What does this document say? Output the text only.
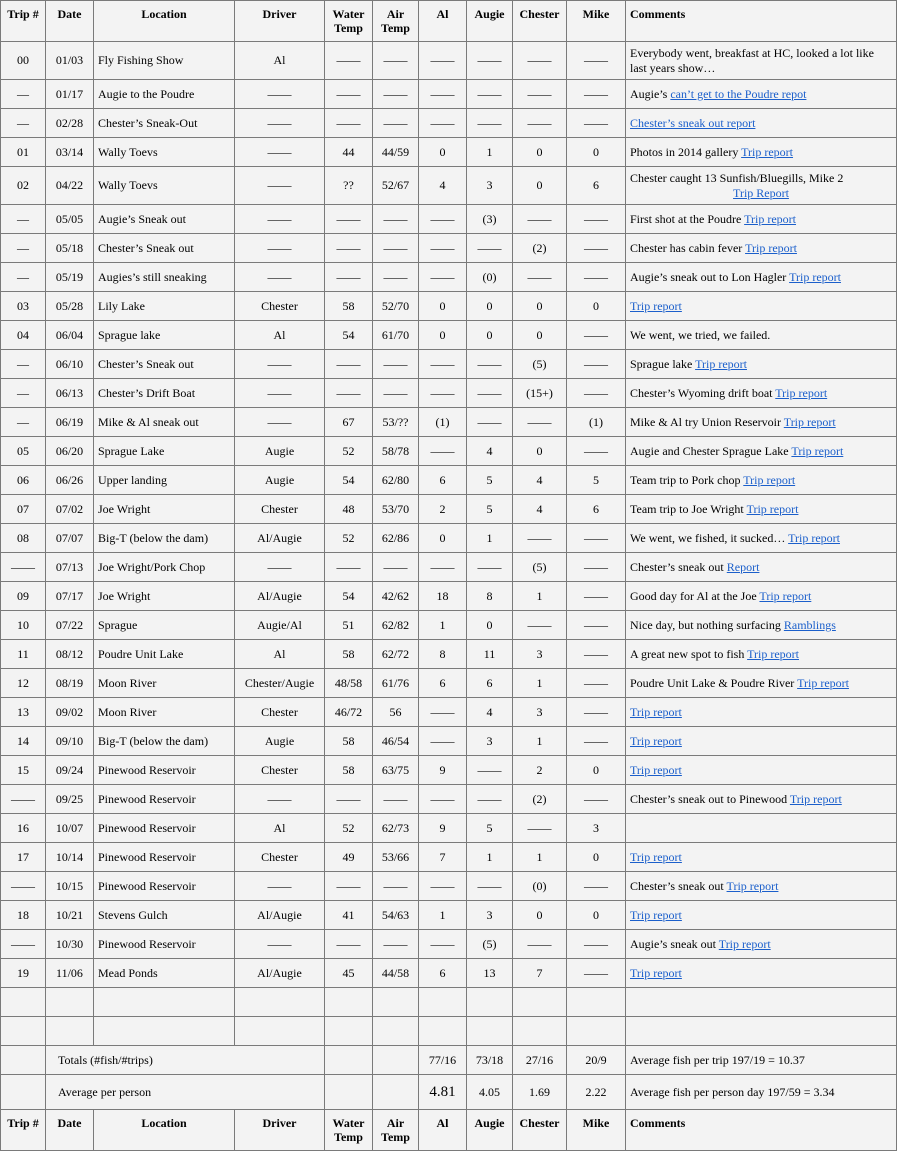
Trip #	Date	Location	Driver	Water Temp	Air Temp	Al	Augie	Chester	Mike	Comments
00	01/03	Fly Fishing Show	Al	——	——	——	——	——	——	Everybody went, breakfast at HC, looked a lot like last years show…
—	01/17	Augie to the Poudre	——	——	——	——	——	——	——	Augie’s can’t get to the Poudre repot
—	02/28	Chester’s Sneak-Out	——	——	——	——	——	——	——	Chester’s sneak out report
01	03/14	Wally Toevs	——	44	44/59	0	1	0	0	Photos in 2014 gallery Trip report
02	04/22	Wally Toevs	——	??	52/67	4	3	0	6	Chester caught 13 Sunfish/Bluegills, Mike 2
Trip Report

—	05/05	Augie’s Sneak out	——	——	——	——	(3)	——	——	First shot at the Poudre Trip report
—	05/18	Chester’s Sneak out	——	——	——	——	——	(2)	——	Chester has cabin fever Trip report
—	05/19	Augies’s still sneaking	——	——	——	——	(0)	——	——	Augie’s sneak out to Lon Hagler Trip report
03	05/28	Lily Lake	Chester	58	52/70	0	0	0	0	Trip report
04	06/04	Sprague lake	Al	54	61/70	0	0	0	——	We went, we tried, we failed.
—	06/10	Chester’s Sneak out	——	——	——	——	——	(5)	——	Sprague lake Trip report
—	06/13	Chester’s Drift Boat	——	——	——	——	——	(15+)	——	Chester’s Wyoming drift boat Trip report
—	06/19	Mike & Al sneak out	——	67	53/??	(1)	——	——	(1)	Mike & Al try Union Reservoir Trip report
05	06/20	Sprague Lake	Augie	52	58/78	——	4	0	——	Augie and Chester Sprague Lake Trip report
06	06/26	Upper landing	Augie	54	62/80	6	5	4	5	Team trip to Pork chop Trip report
07	07/02	Joe Wright	Chester	48	53/70	2	5	4	6	Team trip to Joe Wright Trip report
08	07/07	Big-T (below the dam)	Al/Augie	52	62/86	0	1	——	——	We went, we fished, it sucked… Trip report
——	07/13	Joe Wright/Pork Chop	——	——	——	——	——	(5)	——	Chester’s sneak out Report
09	07/17	Joe Wright	Al/Augie	54	42/62	18	8	1	——	Good day for Al at the Joe Trip report
10	07/22	Sprague	Augie/Al	51	62/82	1	0	——	——	Nice day, but nothing surfacing Ramblings
11	08/12	Poudre Unit Lake	Al	58	62/72	8	11	3	——	A great new spot to fish Trip report
12	08/19	Moon River	Chester/Augie	48/58	61/76	6	6	1	——	Poudre Unit Lake & Poudre River Trip report
13	09/02	Moon River	Chester	46/72	56	——	4	3	——	Trip report
14	09/10	Big-T (below the dam)	Augie	58	46/54	——	3	1	——	Trip report
15	09/24	Pinewood Reservoir	Chester	58	63/75	9	——	2	0	Trip report
——	09/25	Pinewood Reservoir	——	——	——	——	——	(2)	——	Chester’s sneak out to Pinewood Trip report
16	10/07	Pinewood Reservoir	Al	52	62/73	9	5	——	3	
17	10/14	Pinewood Reservoir	Chester	49	53/66	7	1	1	0	Trip report
——	10/15	Pinewood Reservoir	——	——	——	——	——	(0)	——	Chester’s sneak out Trip report
18	10/21	Stevens Gulch	Al/Augie	41	54/63	1	3	0	0	Trip report
——	10/30	Pinewood Reservoir	——	——	——	——	(5)	——	——	Augie’s sneak out Trip report
19	11/06	Mead Ponds	Al/Augie	45	44/58	6	13	7	——	Trip report

	Totals (#fish/#trips)					77/16	73/18	27/16	20/9	Average fish per trip 197/19 = 10.37
	Average per person					4.81	4.05	1.69	2.22	Average fish per person day 197/59 = 3.34
Trip #	Date	Location	Driver	Water Temp	Air Temp	Al	Augie	Chester	Mike	Comments
